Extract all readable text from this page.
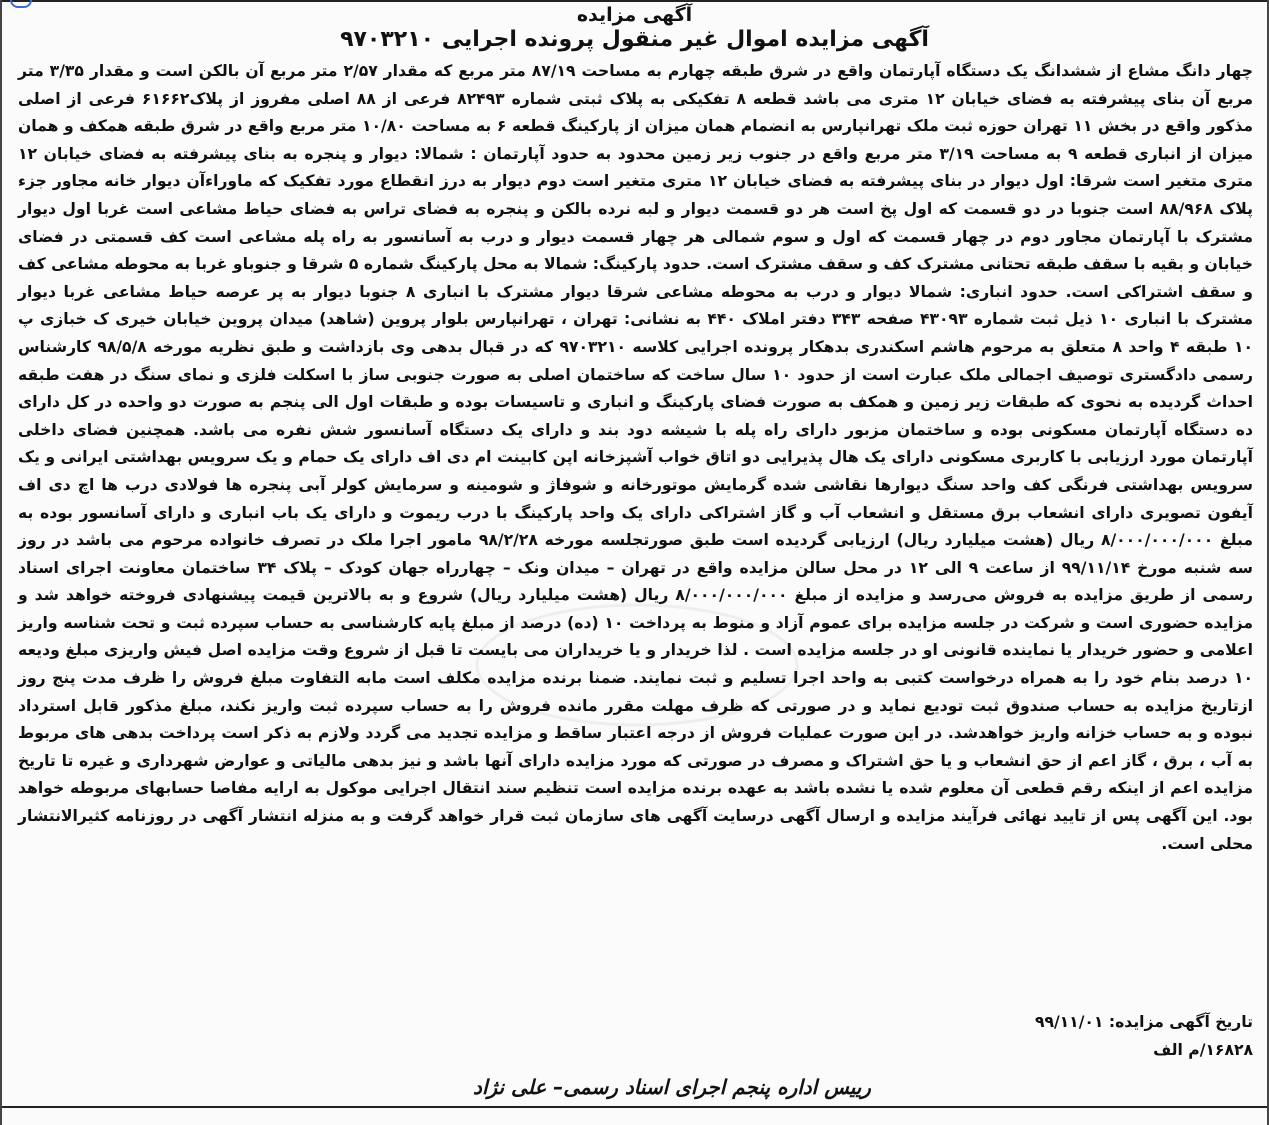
آگهی مزایده
آگهی مزایده اموال غیر منقول پرونده اجرایی ۹۷۰۳۲۱۰

چهار دانگ مشاع از ششدانگ یک دستگاه آپارتمان واقع در شرق طبقه چهارم به مساحت ۸۷/۱۹ متر مربع که مقدار ۲/۵۷ متر مربع آن بالکن است و مقدار ۳/۳۵ متر مربع آن بنای پیشرفته به فضای خیابان ۱۲ متری می باشد قطعه ۸ تفکیکی به پلاک ثبتی شماره ۸۲۴۹۳ فرعی از ۸۸ اصلی مفروز از پلاک۶۱۶۶۲ فرعی از اصلی مذکور واقع در بخش ۱۱ تهران حوزه ثبت ملک تهرانپارس به انضمام همان میزان از پارکینگ قطعه ۶ به مساحت ۱۰/۸۰ متر مربع واقع در شرق طبقه همکف و همان میزان از انباری قطعه ۹ به مساحت ۳/۱۹ متر مربع واقع در جنوب زیر زمین محدود به حدود آپارتمان : شمالا: دیوار و پنجره به بنای پیشرفته به فضای خیابان ۱۲ متری متغیر است شرقا: اول دیوار در بنای پیشرفته به فضای خیابان ۱۲ متری متغیر است دوم دیوار به درز انقطاع مورد تفکیک که ماوراءآن دیوار خانه مجاور جزء پلاک ۸۸/۹۶۸ است جنوبا در دو قسمت که اول پخ است هر دو قسمت دیوار و لبه نرده بالکن و پنجره به فضای تراس به فضای حیاط مشاعی است غربا اول دیوار مشترک با آپارتمان مجاور دوم در چهار قسمت که اول و سوم شمالی هر چهار قسمت دیوار و درب به آسانسور به راه پله مشاعی است کف قسمتی در فضای خیابان و بقیه با سقف طبقه تحتانی مشترک کف و سقف مشترک است. حدود پارکینگ: شمالا به محل پارکینگ شماره ۵ شرقا و جنوباو غربا به محوطه مشاعی کف و سقف اشتراکی است. حدود انباری: شمالا دیوار و درب به محوطه مشاعی شرقا دیوار مشترک با انباری ۸ جنوبا دیوار به پر عرصه حیاط مشاعی غربا دیوار مشترک با انباری ۱۰ ذیل ثبت شماره ۴۳۰۹۳ صفحه ۳۴۳ دفتر املاک ۴۴۰ به نشانی: تهران ، تهرانپارس بلوار پروین (شاهد) میدان پروین خیابان خیری ک خبازی پ ۱۰ طبقه ۴ واحد ۸ متعلق به مرحوم هاشم اسکندری بدهکار پرونده اجرایی کلاسه ۹۷۰۳۲۱۰ که در قبال بدهی وی بازداشت و طبق نظریه مورخه ۹۸/۵/۸ کارشناس رسمی دادگستری توصیف اجمالی ملک عبارت است از حدود ۱۰ سال ساخت که ساختمان اصلی به صورت جنوبی ساز با اسکلت فلزی و نمای سنگ در هفت طبقه احداث گردیده به نحوی که طبقات زیر زمین و همکف به صورت فضای پارکینگ و انباری و تاسیسات بوده و طبقات اول الی پنجم به صورت دو واحده در کل دارای ده دستگاه آپارتمان مسکونی بوده و ساختمان مزبور دارای راه پله با شیشه دود بند و دارای یک دستگاه آسانسور شش نفره می باشد. همچنین فضای داخلی آپارتمان مورد ارزیابی با کاربری مسکونی دارای یک هال پذیرایی دو اتاق خواب آشپزخانه اپن کابینت ام دی اف دارای یک حمام و یک سرویس بهداشتی ایرانی و یک سرویس بهداشتی فرنگی کف واحد سنگ دیوارها نقاشی شده گرمایش موتورخانه و شوفاژ و شومینه و سرمایش کولر آبی پنجره ها فولادی درب ها اچ دی اف آیفون تصویری دارای انشعاب برق مستقل و انشعاب آب و گاز اشتراکی دارای یک واحد پارکینگ با درب ریموت و دارای یک باب انباری و دارای آسانسور بوده به مبلغ ۸/۰۰۰/۰۰۰/۰۰۰ ریال (هشت میلیارد ریال) ارزیابی گردیده است طبق صورتجلسه مورخه ۹۸/۲/۲۸ مامور اجرا ملک در تصرف خانواده مرحوم می باشد در روز سه شنبه مورخ ۹۹/۱۱/۱۴ از ساعت ۹ الی ۱۲ در محل سالن مزایده واقع در تهران – میدان ونک – چهارراه جهان کودک – پلاک ۳۴ ساختمان معاونت اجرای اسناد رسمی از طریق مزایده به فروش می‌رسد و مزایده از مبلغ ۸/۰۰۰/۰۰۰/۰۰۰ ریال (هشت میلیارد ریال) شروع و به بالاترین قیمت پیشنهادی فروخته خواهد شد و مزایده حضوری است و شرکت در جلسه مزایده برای عموم آزاد و منوط به پرداخت ۱۰ (ده) درصد از مبلغ پایه کارشناسی به حساب سپرده ثبت و تحت شناسه واریز اعلامی و حضور خریدار یا نماینده قانونی او در جلسه مزایده است . لذا خریدار و یا خریداران می بایست تا قبل از شروع وقت مزایده اصل فیش واریزی مبلغ ودیعه ۱۰ درصد بنام خود را به همراه درخواست کتبی به واحد اجرا تسلیم و ثبت نمایند. ضمنا برنده مزایده مکلف است مابه التفاوت مبلغ فروش را ظرف مدت پنج روز ازتاریخ مزایده به حساب صندوق ثبت تودیع نماید و در صورتی که ظرف مهلت مقرر مانده فروش را به حساب سپرده ثبت واریز نکند، مبلغ مذکور قابل استرداد نبوده و به حساب خزانه واریز خواهدشد. در این صورت عملیات فروش از درجه اعتبار ساقط و مزایده تجدید می گردد ولازم به ذکر است پرداخت بدهی های مربوط به آب ، برق ، گاز اعم از حق انشعاب و یا حق اشتراک و مصرف در صورتی که مورد مزایده دارای آنها باشد و نیز بدهی مالیاتی و عوارض شهرداری و غیره تا تاریخ مزایده اعم از اینکه رقم قطعی آن معلوم شده یا نشده باشد به عهده برنده مزایده است تنظیم سند انتقال اجرایی موکول به ارایه مفاصا حسابهای مربوطه خواهد بود. این آگهی پس از تایید نهائی فرآیند مزایده و ارسال آگهی درسایت آگهی های سازمان ثبت قرار خواهد گرفت و به منزله انتشار آگهی در روزنامه کثیرالانتشار محلی است.

تاریخ آگهی مزایده: ۹۹/۱۱/۰۱
۱۶۸۲۸/م الف
رییس اداره پنجم اجرای اسناد رسمی– علی نژاد
